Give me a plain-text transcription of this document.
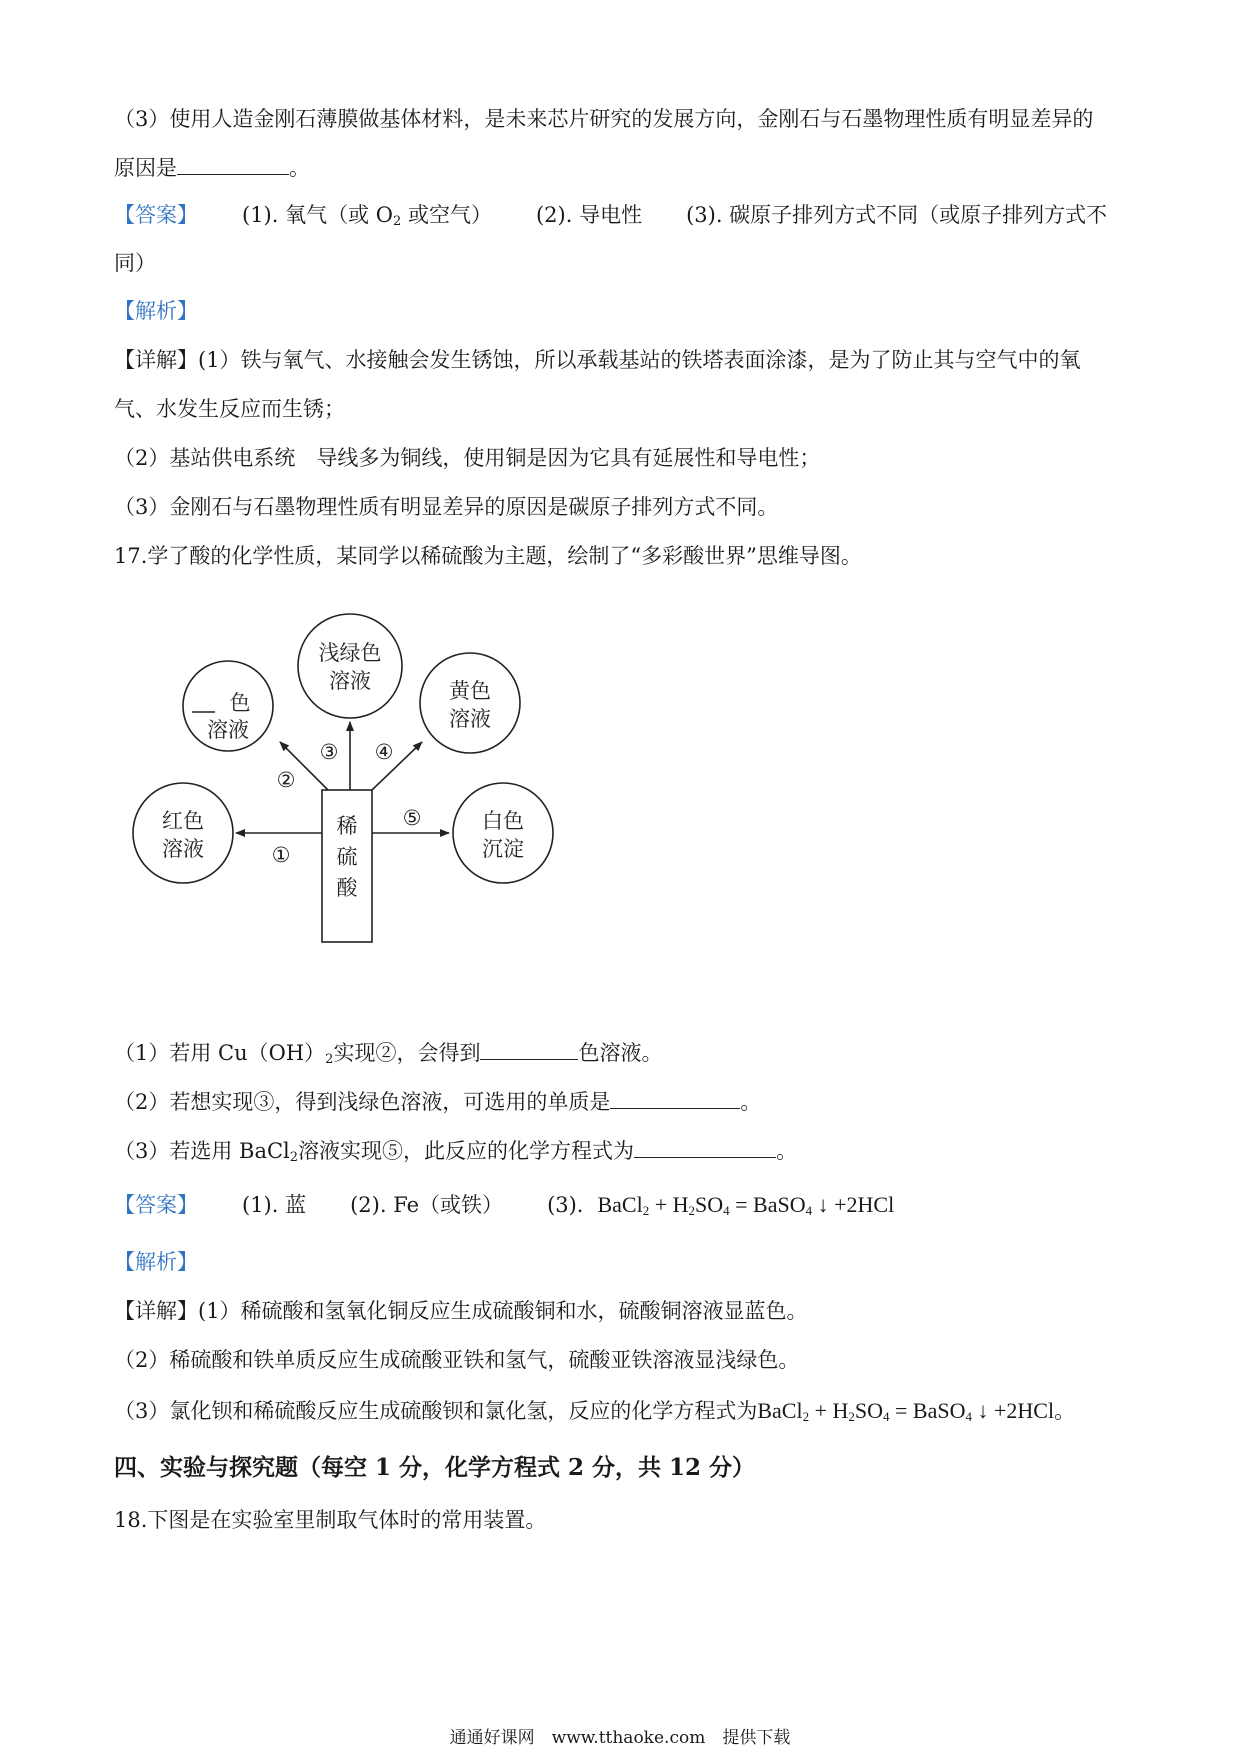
（3）使用人造金刚石薄膜做基体材料，是未来芯片研究的发展方向，金刚石与石墨物理性质有明显差异的
原因是	。
【答案】 (1). 氧气（或 $O_2$ 或空气） (2). 导电性 (3). 碳原子排列方式不同（或原子排列方式不
同）
【解析】
【详解】(1）铁与氧气、水接触会发生锈蚀，所以承载基站的铁塔表面涂漆，是为了防止其与空气中的氧
气、水发生反应而生锈；
（2）基站供电系统　导线多为铜线，使用铜是因为它具有延展性和导电性；
（3）金刚石与石墨物理性质有明显差异的原因是碳原子排列方式不同。
17.学了酸的化学性质，某同学以稀硫酸为主题，绘制了“多彩酸世界”思维导图。
稀
硫
酸
红色
溶液
色
溶液
浅绿色
溶液	黄色
溶液
白色
沉淀
①
②
③ ④
⑤
（1）若用 $Cu(OH)_2$实现②，会得到	色溶液。
（2）若想实现③，得到浅绿色溶液，可选用的单质是	。
（3）若选用 BaCl$_2$溶液实现⑤，此反应的化学方程式为	。
【答案】 (1). 蓝 (2). Fe（或铁） (3). BaCl$_2$ + $H_2SO_4$ = BaSO$_4$ ↓ +2HCl
【解析】
【详解】(1）稀硫酸和氢氧化铜反应生成硫酸铜和水，硫酸铜溶液显蓝色。
（2）稀硫酸和铁单质反应生成硫酸亚铁和氢气，硫酸亚铁溶液显浅绿色。
（3）氯化钡和稀硫酸反应生成硫酸钡和氯化氢，反应的化学方程式为BaCl$_2$ + $H_2SO_4$ = BaSO$_4$ ↓ +2HCl。
四、实验与探究题（每空 1 分，化学方程式 2 分，共 12 分）
18.下图是在实验室里制取气体时的常用装置。
通通好课网　www.tthaoke.com　提供下载
